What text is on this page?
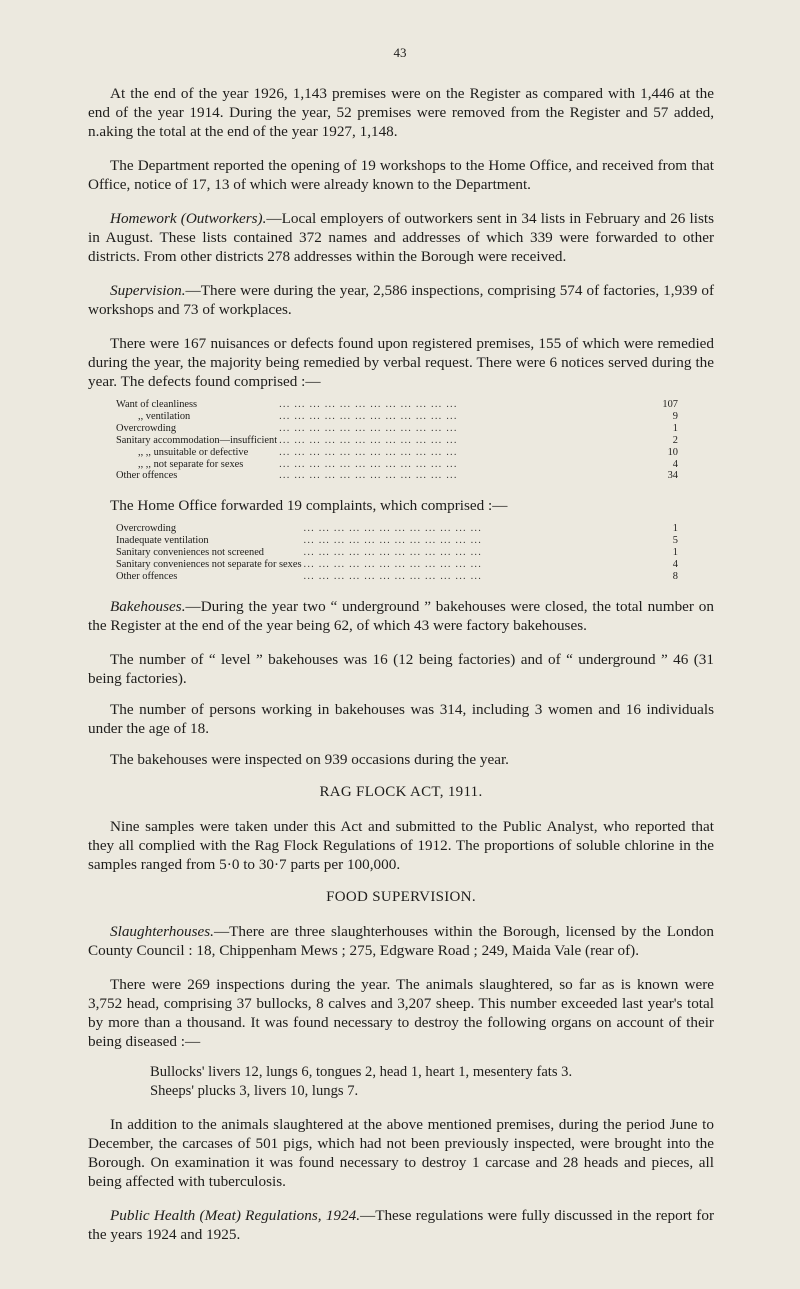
43

At the end of the year 1926, 1,143 premises were on the Register as compared with 1,446 at the end of the year 1914. During the year, 52 premises were removed from the Register and 57 added, n.aking the total at the end of the year 1927, 1,148.

The Department reported the opening of 19 workshops to the Home Office, and received from that Office, notice of 17, 13 of which were already known to the Department.

Homework (Outworkers).—Local employers of outworkers sent in 34 lists in February and 26 lists in August. These lists contained 372 names and addresses of which 339 were forwarded to other districts. From other districts 278 addresses within the Borough were received.

Supervision.—There were during the year, 2,586 inspections, comprising 574 of factories, 1,939 of workshops and 73 of workplaces.

There were 167 nuisances or defects found upon registered premises, 155 of which were remedied during the year, the majority being remedied by verbal request. There were 6 notices served during the year. The defects found comprised :—

Want of cleanliness	... ... ... ... ... ... ... ... ... ... ... ...	107
,, ventilation	... ... ... ... ... ... ... ... ... ... ... ...	9
Overcrowding	... ... ... ... ... ... ... ... ... ... ... ...	1
Sanitary accommodation—insufficient	... ... ... ... ... ... ... ... ... ... ... ...	2
,, ,, unsuitable or defective	... ... ... ... ... ... ... ... ... ... ... ...	10
,, ,, not separate for sexes	... ... ... ... ... ... ... ... ... ... ... ...	4
Other offences	... ... ... ... ... ... ... ... ... ... ... ...	34

The Home Office forwarded 19 complaints, which comprised :—

Overcrowding	... ... ... ... ... ... ... ... ... ... ... ...	1
Inadequate ventilation	... ... ... ... ... ... ... ... ... ... ... ...	5
Sanitary conveniences not screened	... ... ... ... ... ... ... ... ... ... ... ...	1
Sanitary conveniences not separate for sexes	... ... ... ... ... ... ... ... ... ... ... ...	4
Other offences	... ... ... ... ... ... ... ... ... ... ... ...	8

Bakehouses.—During the year two “ underground ” bakehouses were closed, the total number on the Register at the end of the year being 62, of which 43 were factory bakehouses.

The number of “ level ” bakehouses was 16 (12 being factories) and of “ underground ” 46 (31 being factories).

The number of persons working in bakehouses was 314, including 3 women and 16 individuals under the age of 18.

The bakehouses were inspected on 939 occasions during the year.

RAG FLOCK ACT, 1911.

Nine samples were taken under this Act and submitted to the Public Analyst, who reported that they all complied with the Rag Flock Regulations of 1912. The proportions of soluble chlorine in the samples ranged from 5·0 to 30·7 parts per 100,000.

FOOD SUPERVISION.

Slaughterhouses.—There are three slaughterhouses within the Borough, licensed by the London County Council : 18, Chippenham Mews ; 275, Edgware Road ; 249, Maida Vale (rear of).

There were 269 inspections during the year. The animals slaughtered, so far as is known were 3,752 head, comprising 37 bullocks, 8 calves and 3,207 sheep. This number exceeded last year's total by more than a thousand. It was found necessary to destroy the following organs on account of their being diseased :—

Bullocks' livers 12, lungs 6, tongues 2, head 1, heart 1, mesentery fats 3.
Sheeps' plucks 3, livers 10, lungs 7.

In addition to the animals slaughtered at the above mentioned premises, during the period June to December, the carcases of 501 pigs, which had not been previously inspected, were brought into the Borough. On examination it was found necessary to destroy 1 carcase and 28 heads and pieces, all being affected with tuberculosis.

Public Health (Meat) Regulations, 1924.—These regulations were fully discussed in the report for the years 1924 and 1925.
